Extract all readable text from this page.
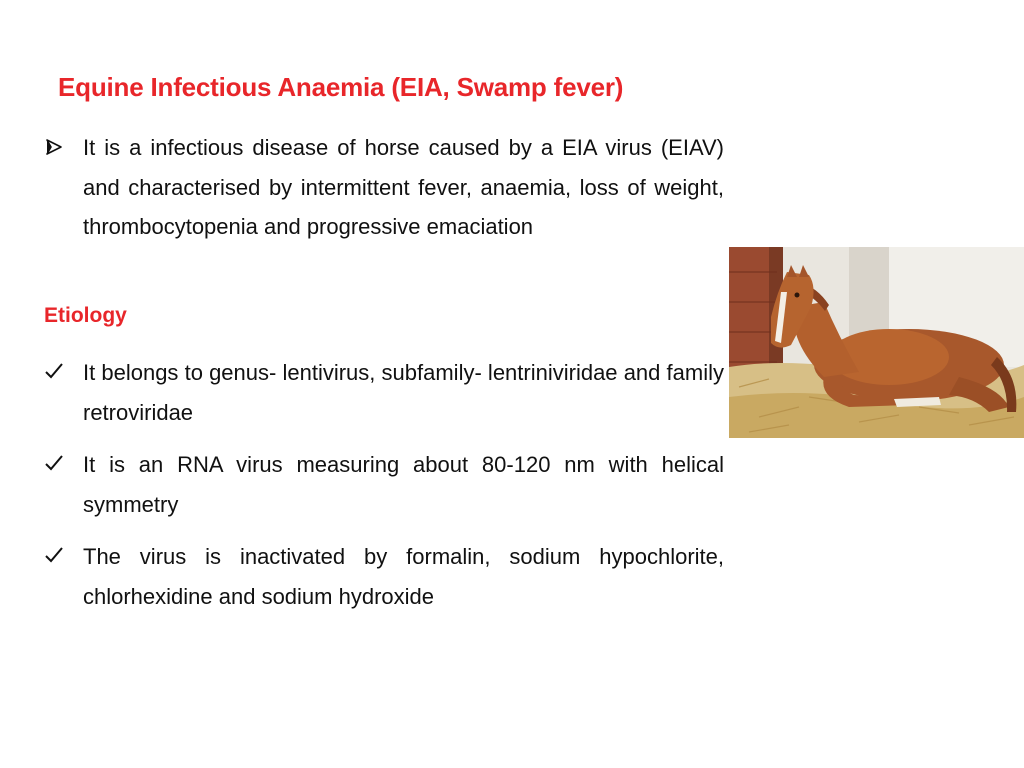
Equine Infectious Anaemia (EIA, Swamp fever)
It is a infectious disease of horse caused by a EIA virus (EIAV) and characterised by intermittent fever, anaemia, loss of weight, thrombocytopenia and progressive emaciation
Etiology
It belongs to genus- lentivirus, subfamily- lentriniviridae and family retroviridae
It is an RNA virus measuring about 80-120 nm with helical symmetry
The virus is inactivated by formalin, sodium hypochlorite, chlorhexidine and sodium hydroxide
